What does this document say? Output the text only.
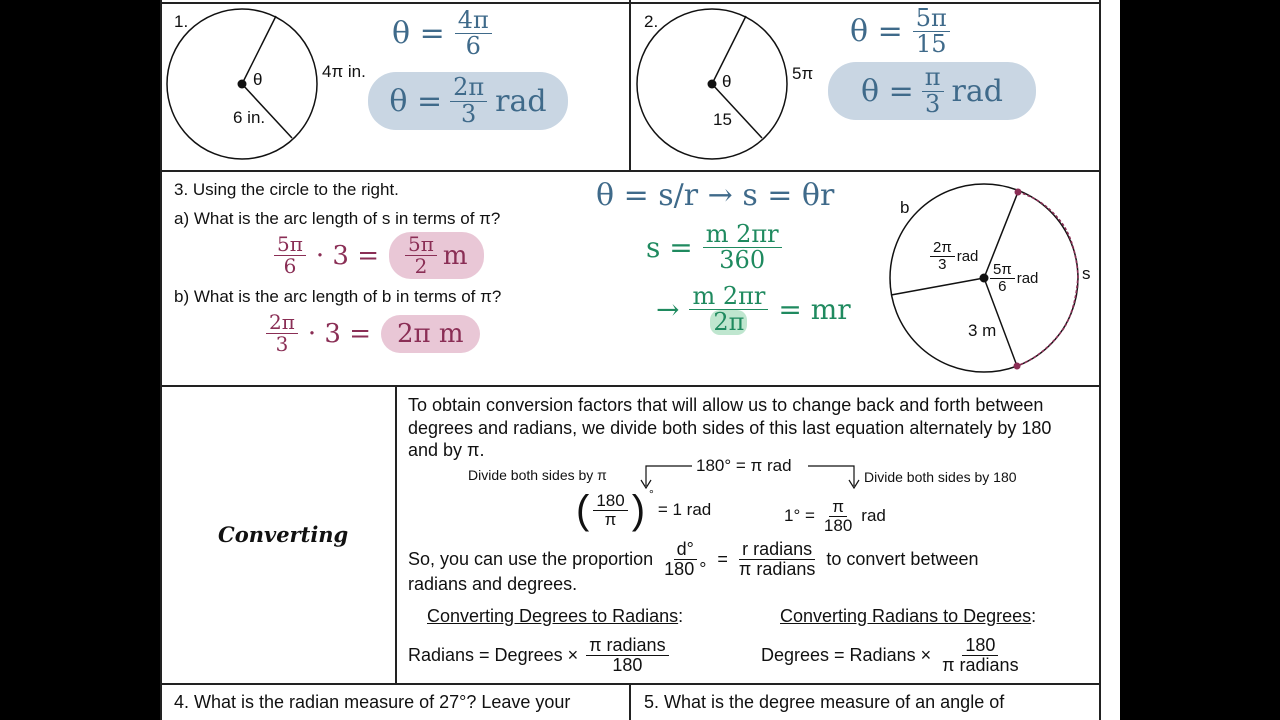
1.
θ	4π in.
6 in.
$\theta = \frac{4\pi}{6}$
$\theta = \frac{2\pi}{3}$ rad
2.
θ	5π
15
$\theta = \frac{5\pi}{15}$
$\theta = \frac{\pi}{3}$ rad
3. Using the circle to the right.
a) What is the arc length of s in terms of π?
b) What is the arc length of b in terms of π?
$\frac{5\pi}{6} \cdot 3 = \frac{5\pi}{2}$ m
$\frac{2\pi}{3} \cdot 3$ =	2π m
θ = s/r → s = θr
$s = \frac{m 2\pi r}{360}$
→ $\frac{m 2\pi r}{2\pi}$ = mr
b
s
$\frac{2\pi}{3}$ rad
$\frac{5\pi}{6}$ rad
3 m
Converting
To obtain conversion factors that will allow us to change back and forth between degrees and radians, we divide both sides of this last equation alternately by 180 and by π.
180° = π rad
Divide both sides by π	Divide both sides by 180
( $\frac{180}{\pi}$ ) °
= 1 rad	$1^\circ = \frac{\pi}{180}$ rad
So, you can use the proportion $\frac{d^\circ}{180 ^\circ} = \frac{\text{r radians}}{\text{π radians}}$ to convert between
radians and degrees.
Converting Degrees to Radians:	Converting Radians to Degrees:
Radians = Degrees × $\frac{\text{π radians}}{180}$	Degrees = Radians × $\frac{180}{\text{π radians}}$
4. What is the radian measure of 27°? Leave your	5. What is the degree measure of an angle of
